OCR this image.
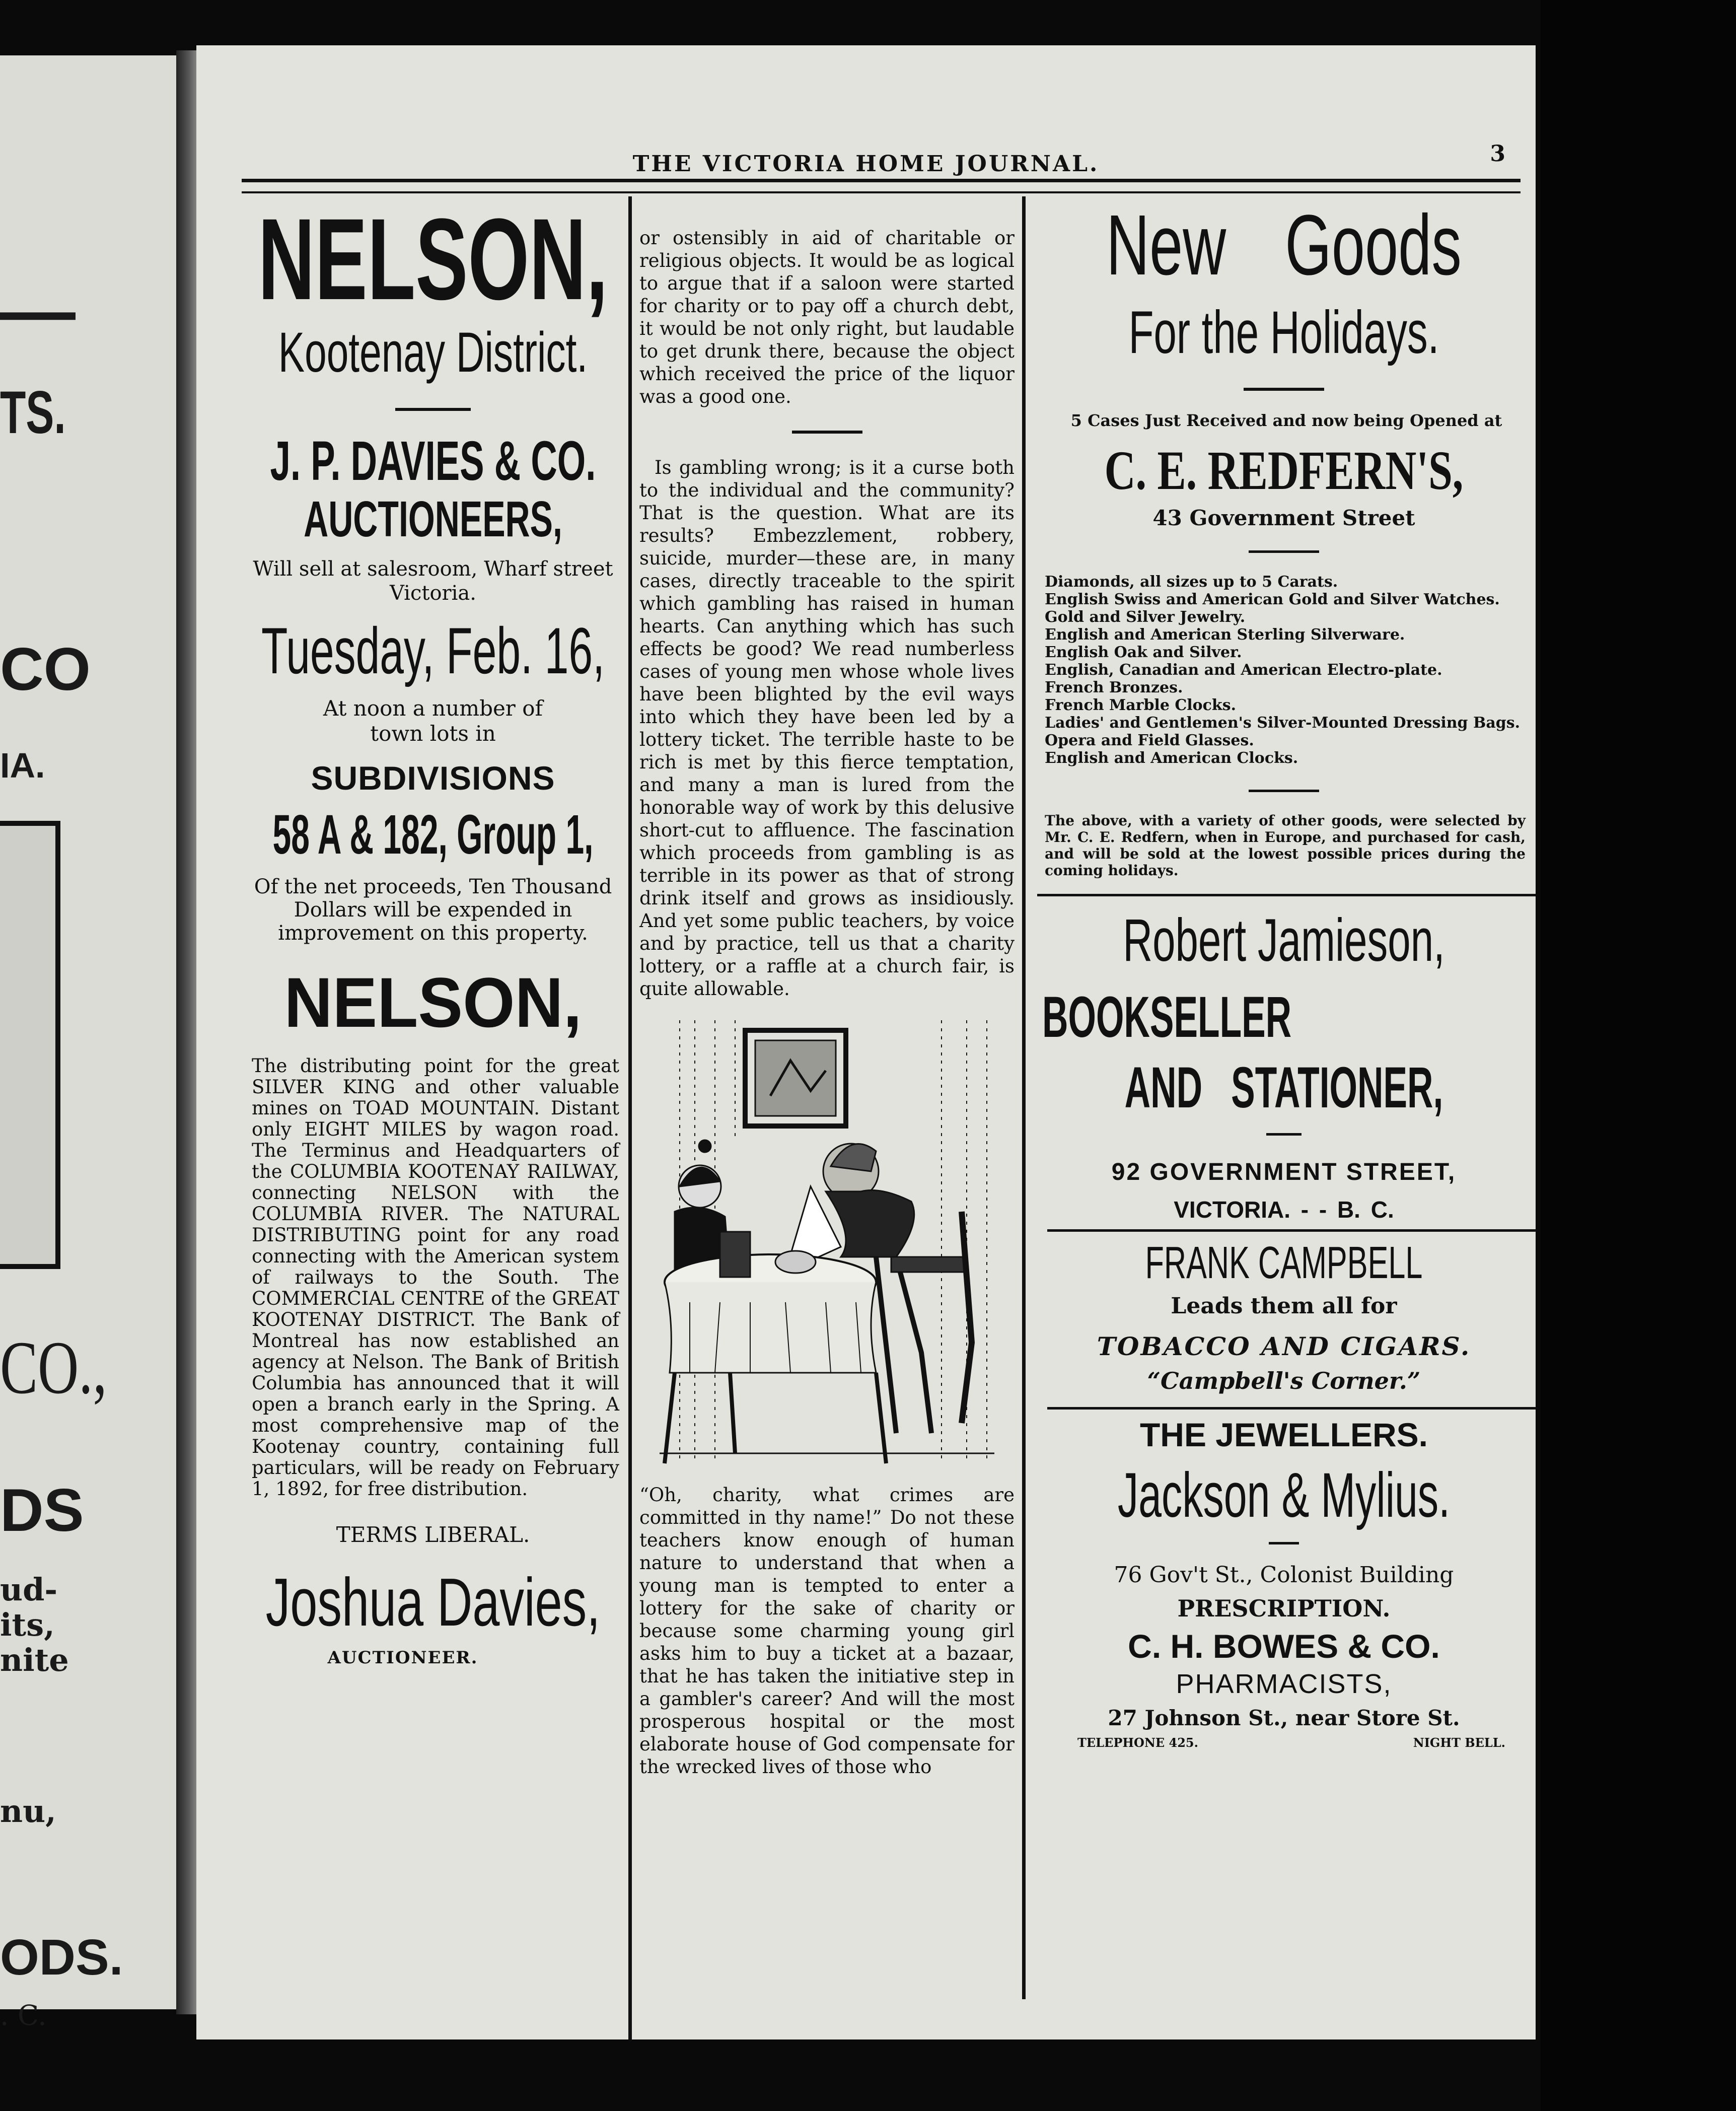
—
TS.
CO
IA.
CO.,
DS
ud-
its,
nite
nu,
ODS.
. C.
THE VICTORIA HOME JOURNAL.	3
NELSON,
Kootenay District.
J. P. DAVIES & CO.
AUCTIONEERS,
Will sell at salesroom, Wharf street Victoria.
Tuesday, Feb. 16,
At noon a number of town lots in
SUBDIVISIONS
58 A & 182, Group 1,
Of the net proceeds, Ten Thousand Dollars will be expended in improvement on this property.
NELSON,
The distributing point for the great SILVER KING and other valuable mines on TOAD MOUNTAIN. Distant only EIGHT MILES by wagon road. The Terminus and Headquarters of the COLUMBIA KOOTENAY RAILWAY, connecting NELSON with the COLUMBIA RIVER. The NATURAL DISTRIBUTING point for any road connecting with the American system of railways to the South. The COMMERCIAL CENTRE of the GREAT KOOTENAY DISTRICT. The Bank of Montreal has now established an agency at Nelson. The Bank of British Columbia has announced that it will open a branch early in the Spring. A most comprehensive map of the Kootenay country, containing full particulars, will be ready on February 1, 1892, for free distribution.
TERMS LIBERAL.
Joshua Davies,
AUCTIONEER.
or ostensibly in aid of charitable or religious objects. It would be as logical to argue that if a saloon were started for charity or to pay off a church debt, it would be not only right, but laudable to get drunk there, because the object which received the price of the liquor was a good one.
Is gambling wrong; is it a curse both to the individual and the community? That is the question. What are its results? Embezzlement, robbery, suicide, murder—these are, in many cases, directly traceable to the spirit which gambling has raised in human hearts. Can anything which has such effects be good? We read numberless cases of young men whose whole lives have been blighted by the evil ways into which they have been led by a lottery ticket. The terrible haste to be rich is met by this fierce temptation, and many a man is lured from the honorable way of work by this delusive short-cut to affluence. The fascination which proceeds from gambling is as terrible in its power as that of strong drink itself and grows as insidiously. And yet some public teachers, by voice and by practice, tell us that a charity lottery, or a raffle at a church fair, is quite allowable.
“Oh, charity, what crimes are committed in thy name!” Do not these teachers know enough of human nature to understand that when a young man is tempted to enter a lottery for the sake of charity or because some charming young girl asks him to buy a ticket at a bazaar, that he has taken the initiative step in a gambler's career? And will the most prosperous hospital or the most elaborate house of God compensate for the wrecked lives of those who
New Goods
For the Holidays.
5 Cases Just Received and now being Opened at
C. E. REDFERN'S,
43 Government Street
Diamonds, all sizes up to 5 Carats.
English Swiss and American Gold and Silver Watches.
Gold and Silver Jewelry.
English and American Sterling Silverware.
English Oak and Silver.
English, Canadian and American Electro-plate.
French Bronzes.
French Marble Clocks.
Ladies' and Gentlemen's Silver-Mounted Dressing Bags.
Opera and Field Glasses.
English and American Clocks.
The above, with a variety of other goods, were selected by Mr. C. E. Redfern, when in Europe, and purchased for cash, and will be sold at the lowest possible prices during the coming holidays.
Robert Jamieson,
BOOKSELLER
AND STATIONER,
92 GOVERNMENT STREET,
VICTORIA. - - B. C.
FRANK CAMPBELL
Leads them all for
TOBACCO AND CIGARS.
“Campbell's Corner.”
THE JEWELLERS.
Jackson & Mylius.
76 Gov't St., Colonist Building
PRESCRIPTION.
C. H. BOWES & CO.
PHARMACISTS,
27 Johnson St., near Store St.
TELEPHONE 425.	NIGHT BELL.
